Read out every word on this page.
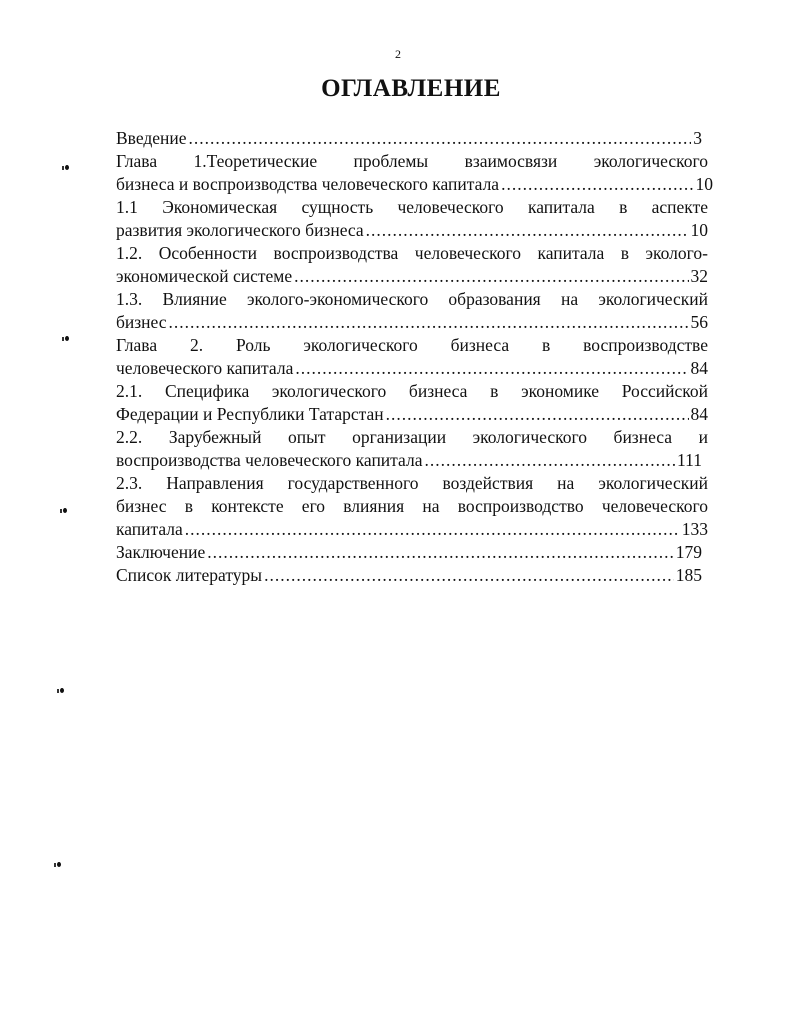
2
ОГЛАВЛЕНИЕ
Введение .....	3
Глава 1.Теоретические проблемы взаимосвязи экологического
бизнеса и воспроизводства человеческого капитала .....	10
1.1 Экономическая сущность человеческого капитала в аспекте
развития экологического бизнеса .....	10
1.2. Особенности воспроизводства человеческого капитала в эколого-
экономической системе .....	32
1.3. Влияние эколого-экономического образования на экологический
бизнес .....	56
Глава 2. Роль экологического бизнеса в воспроизводстве
человеческого капитала .....	84
2.1. Специфика экологического бизнеса в экономике Российской
Федерации и Республики Татарстан .....	84
2.2. Зарубежный опыт организации экологического бизнеса и
воспроизводства человеческого капитала .....	111
2.3. Направления государственного воздействия на экологический
бизнес в контексте его влияния на воспроизводство человеческого
капитала .....	133
Заключение .....	179
Список литературы .....	185
